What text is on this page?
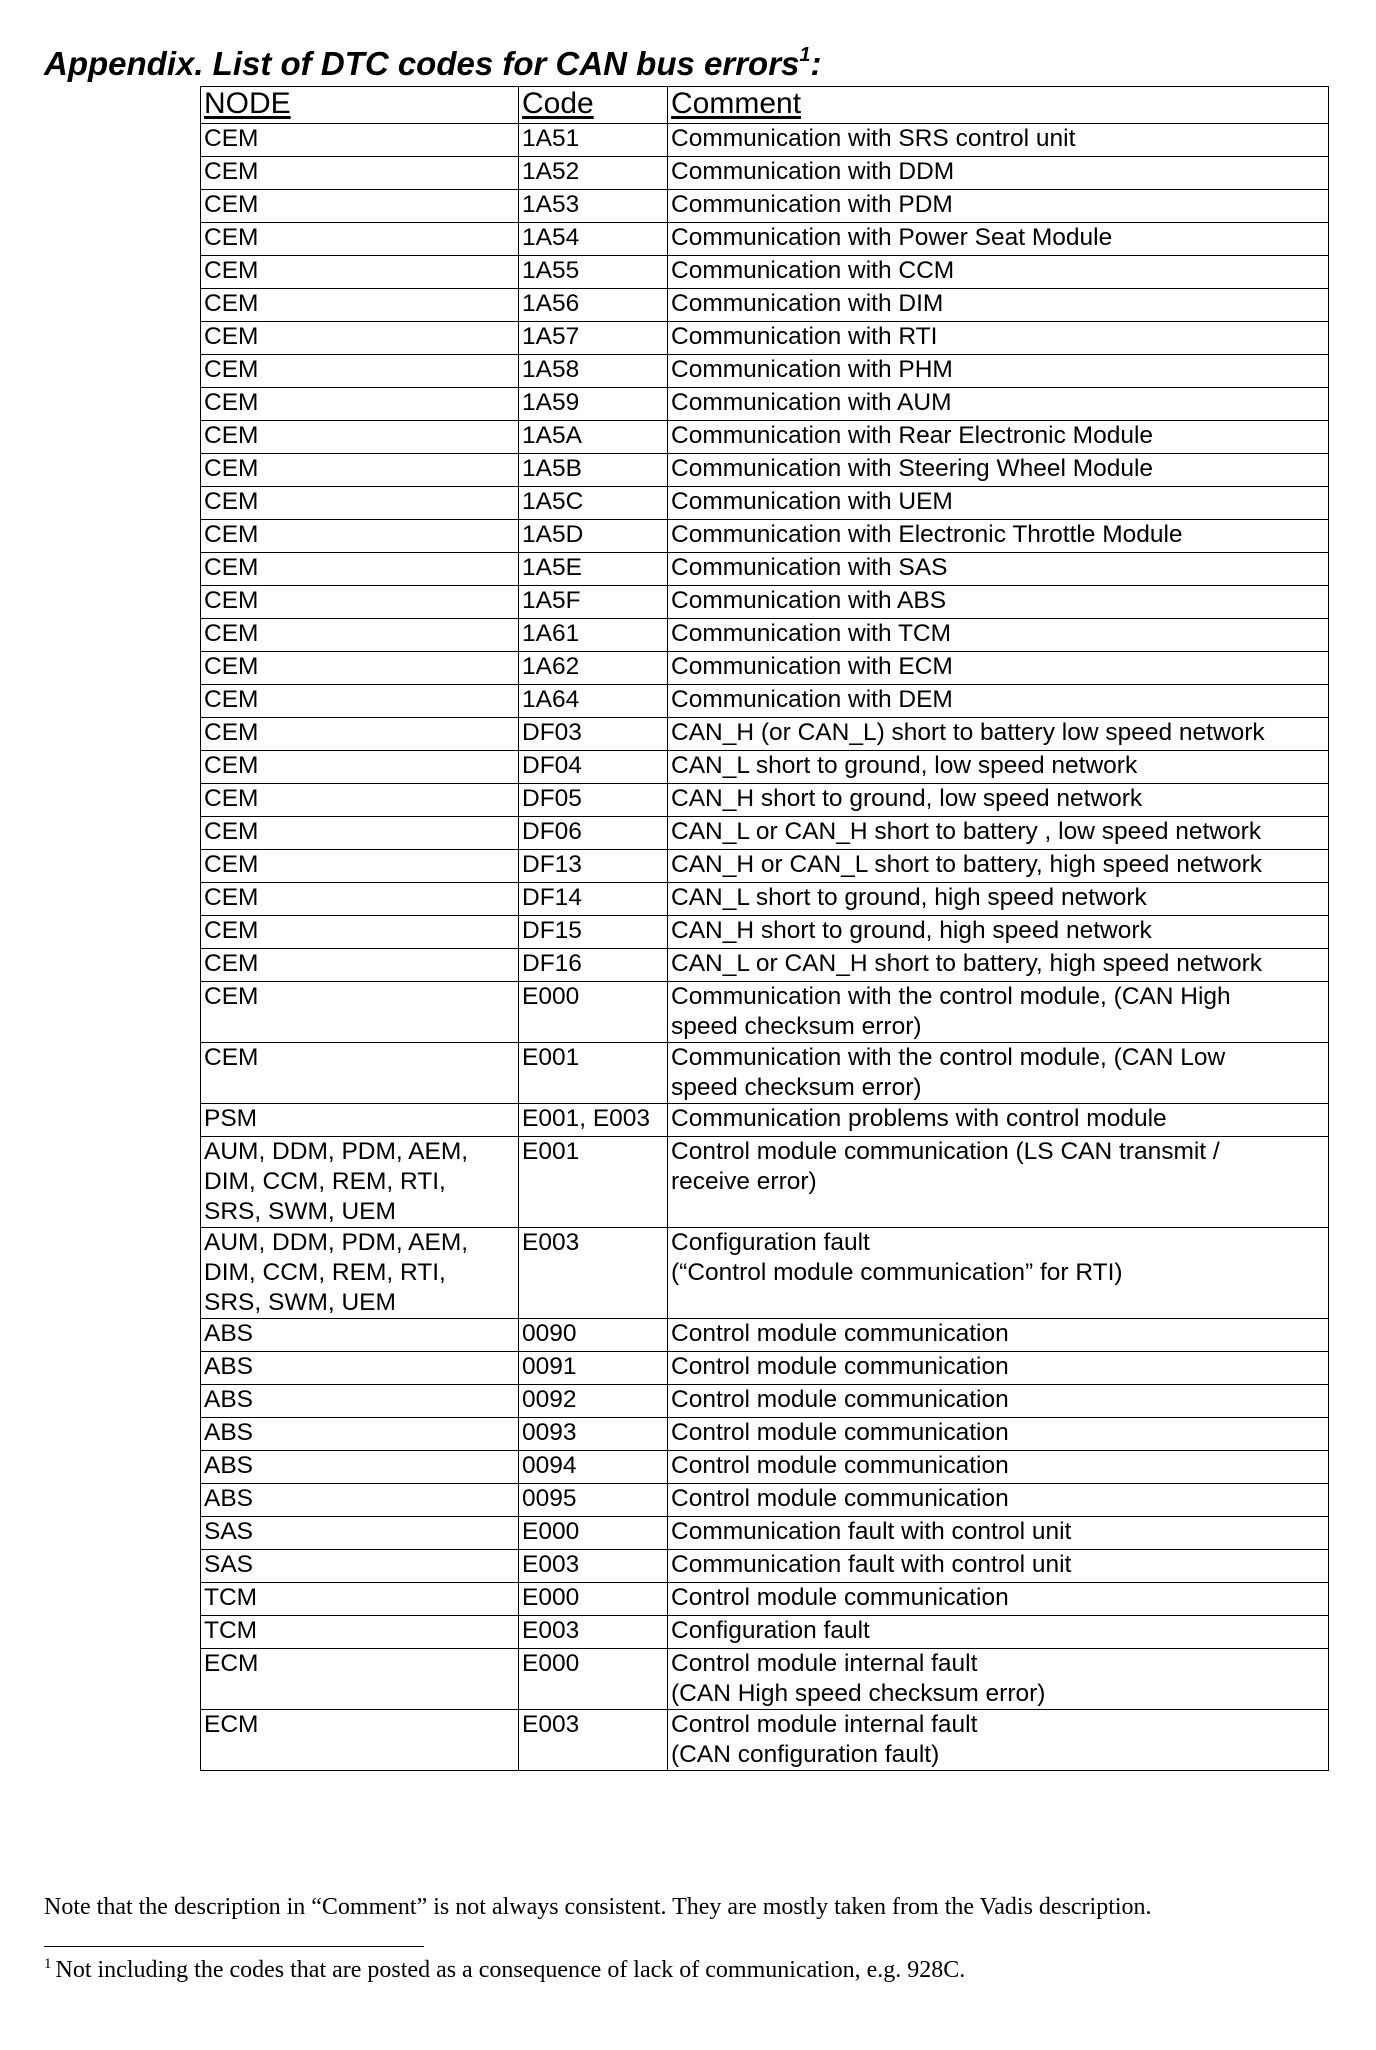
Appendix. List of DTC codes for CAN bus errors$^1$:
NODE	Code	Comment
CEM	1A51	Communication with SRS control unit
CEM	1A52	Communication with DDM
CEM	1A53	Communication with PDM
CEM	1A54	Communication with Power Seat Module
CEM	1A55	Communication with CCM
CEM	1A56	Communication with DIM
CEM	1A57	Communication with RTI
CEM	1A58	Communication with PHM
CEM	1A59	Communication with AUM
CEM	1A5A	Communication with Rear Electronic Module
CEM	1A5B	Communication with Steering Wheel Module
CEM	1A5C	Communication with UEM
CEM	1A5D	Communication with Electronic Throttle Module
CEM	1A5E	Communication with SAS
CEM	1A5F	Communication with ABS
CEM	1A61	Communication with TCM
CEM	1A62	Communication with ECM
CEM	1A64	Communication with DEM
CEM	DF03	CAN_H (or CAN_L) short to battery low speed network
CEM	DF04	CAN_L short to ground, low speed network
CEM	DF05	CAN_H short to ground, low speed network
CEM	DF06	CAN_L or CAN_H short to battery , low speed network
CEM	DF13	CAN_H or CAN_L short to battery, high speed network
CEM	DF14	CAN_L short to ground, high speed network
CEM	DF15	CAN_H short to ground, high speed network
CEM	DF16	CAN_L or CAN_H short to battery, high speed network
CEM	E000	Communication with the control module, (CAN High
speed checksum error)
CEM	E001	Communication with the control module, (CAN Low
speed checksum error)
PSM	E001, E003	Communication problems with control module
AUM, DDM, PDM, AEM,
DIM, CCM, REM, RTI,
SRS, SWM, UEM	E001	Control module communication (LS CAN transmit /
receive error)
AUM, DDM, PDM, AEM,
DIM, CCM, REM, RTI,
SRS, SWM, UEM	E003	Configuration fault
(“Control module communication” for RTI)
ABS	0090	Control module communication
ABS	0091	Control module communication
ABS	0092	Control module communication
ABS	0093	Control module communication
ABS	0094	Control module communication
ABS	0095	Control module communication
SAS	E000	Communication fault with control unit
SAS	E003	Communication fault with control unit
TCM	E000	Control module communication
TCM	E003	Configuration fault
ECM	E000	Control module internal fault
(CAN High speed checksum error)
ECM	E003	Control module internal fault
(CAN configuration fault)
Note that the description in “Comment” is not always consistent. They are mostly taken from the Vadis description.
$^1$ Not including the codes that are posted as a consequence of lack of communication, e.g. 928C.
